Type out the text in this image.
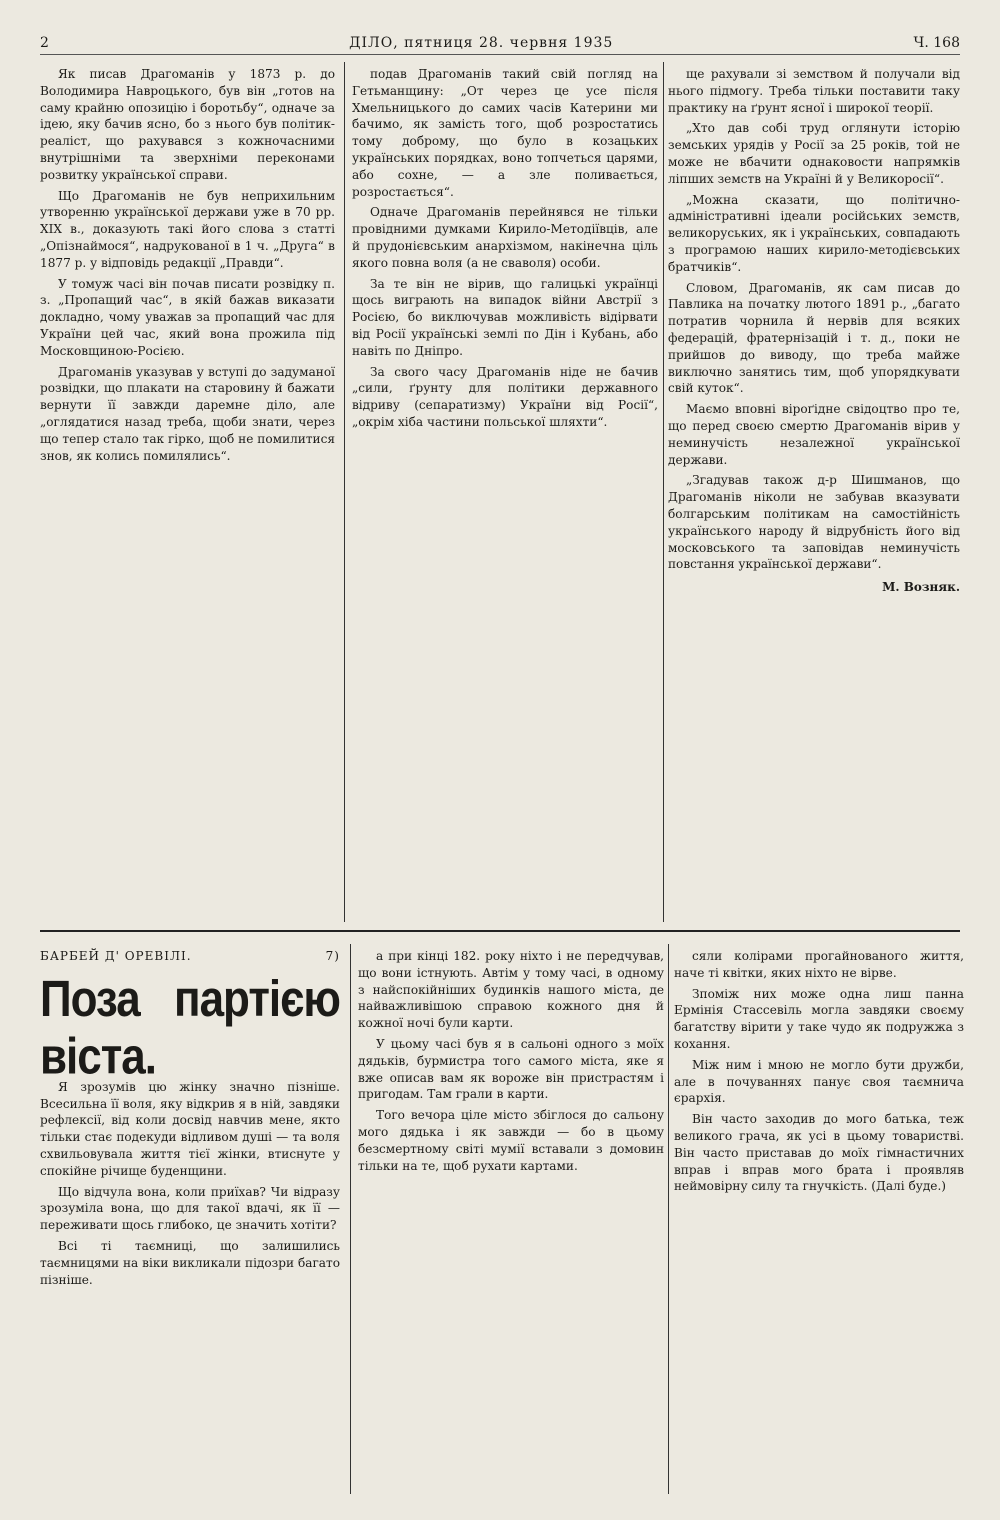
2	ДІЛО, пятниця 28. червня 1935	Ч. 168

Як писав Драгоманів у 1873 р. до Володимира Навроцького, був він „готов на саму крайню опозицію і боротьбу“, одначе за ідею, яку бачив ясно, бо з нього був політик-реаліст, що рахувався з кожночасними внутрішніми та зверхніми переконами розвитку української справи.

Що Драгоманів не був неприхильним утворенню української держави уже в 70 рр. XIX в., доказують такі його слова з статті „Опізнаймося“, надрукованої в 1 ч. „Друга“ в 1877 р. у відповідь редакції „Правди“.

У томуж часі він почав писати розвідку п. з. „Пропащий час“, в якій бажав виказати докладно, чому уважав за пропащий час для України цей час, який вона прожила під Московщиною-Росією.

Драгоманів указував у вступі до задуманої розвідки, що плакати на старовину й бажати вернути її завжди даремне діло, але „оглядатися назад треба, щоби знати, через що тепер стало так гірко, щоб не помилитися знов, як колись помилялись“.

подав Драгоманів такий свій погляд на Гетьманщину: „От через це усе після Хмельницького до самих часів Катерини ми бачимо, як замість того, щоб розростатись тому доброму, що було в козацьких українських порядках, воно топчеться царями, або сохне, — а зле поливається, розростається“.

Одначе Драгоманів перейнявся не тільки провідними думками Кирило-Методіївців, але й прудонієвським анархізмом, накінечна ціль якого повна воля (а не сваволя) особи.

За те він не вірив, що галицькі українці щось виграють на випадок війни Австрії з Росією, бо виключував можливість відірвати від Росії українські землі по Дін і Кубань, або навіть по Дніпро.

За свого часу Драгоманів ніде не бачив „сили, ґрунту для політики державного відриву (сепаратизму) України від Росії“, „окрім хіба частини польської шляхти“.

ще рахували зі земством й получали від нього підмогу. Треба тільки поставити таку практику на ґрунт ясної і широкої теорії.

„Хто дав собі труд оглянути історію земських урядів у Росії за 25 років, той не може не вбачити однаковости напрямків ліпших земств на Україні й у Великоросії“.

„Можна сказати, що політично-адміністративні ідеали російських земств, великоруських, як і українських, совпадають з програмою наших кирило-методієвських братчиків“.

Словом, Драгоманів, як сам писав до Павлика на початку лютого 1891 р., „багато потратив чорнила й нервів для всяких федерацій, фратернізацій і т. д., поки не прийшов до виводу, що треба майже виключно занятись тим, щоб упорядкувати свій куток“.

Маємо вповні віроґідне свідоцтво про те, що перед своєю смертю Драгоманів вірив у неминучість незалежної української держави.

„Згадував також д-р Шишманов, що Драгоманів ніколи не забував вказувати болгарським політикам на самостійність українського народу й відрубність його від московського та заповідав неминучість повстання української держави“.

М. Возняк.
БАРБЕЙ Д' ОРЕВІЛІ.	7)
Поза партією віста.

Я зрозумів цю жінку значно пізніше. Всесильна її воля, яку відкрив я в ній, завдяки рефлексії, від коли досвід навчив мене, якто тільки стає подекуди відливом душі — та воля схвильовувала життя тієї жінки, втиснуте у спокійне річище буденщини.

Що відчула вона, коли приїхав? Чи відразу зрозуміла вона, що для такої вдачі, як її — переживати щось глибоко, це значить хотіти?

Всі ті таємниці, що залишились таємницями на віки викликали підозри багато пізніше.

а при кінці 182. року ніхто і не передчував, що вони істнують. Автім у тому часі, в одному з найспокійніших будинків нашого міста, де найважливішою справою кожного дня й кожної ночі були карти.

У цьому часі був я в сальоні одного з моїх дядьків, бурмистра того самого міста, яке я вже описав вам як вороже він пристрастям і пригодам. Там грали в карти.

Того вечора ціле місто збіглося до сальону мого дядька і як завжди — бо в цьому безсмертному світі мумії вставали з домовин тільки на те, щоб рухати картами.

сяли колірами прогайнованого життя, наче ті квітки, яких ніхто не вірве.

Зпоміж них може одна лиш панна Ермінія Стассевіль могла завдяки своєму багатству вірити у таке чудо як подружжа з кохання.

Між ним і мною не могло бути дружби, але в почуваннях панує своя таємнича єрархія.

Він часто заходив до мого батька, теж великого грача, як усі в цьому товаристві. Він частo приставав до моїх гімнастичних вправ і вправ мого брата і проявляв неймовірну силу та гнучкість. (Далі буде.)
